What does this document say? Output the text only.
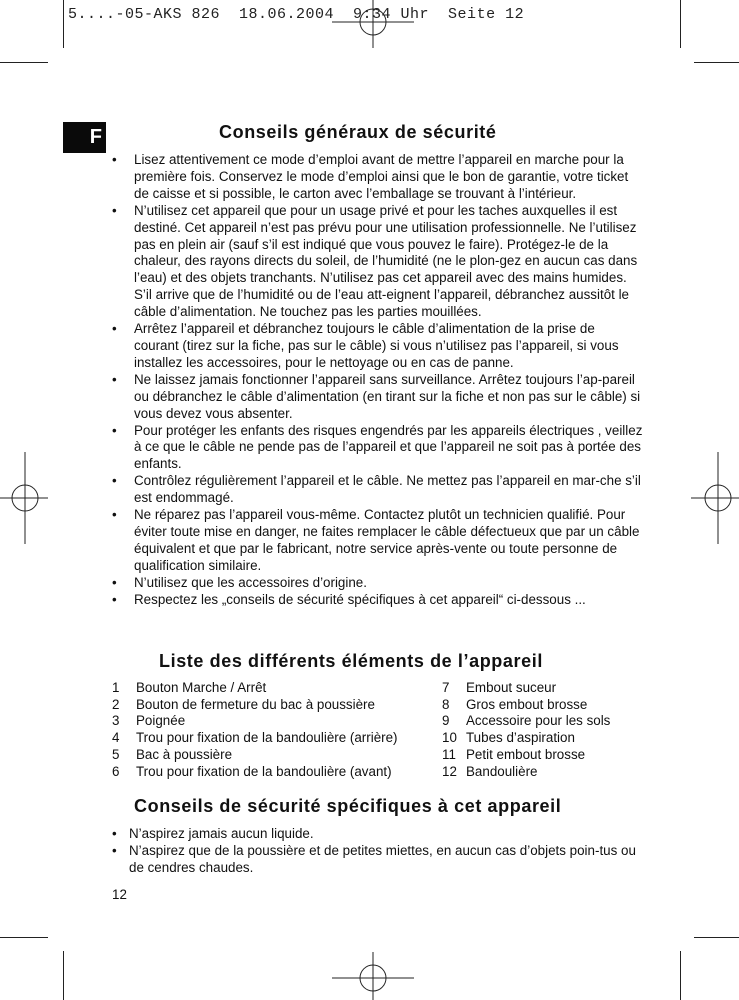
5....-05-AKS 826  18.06.2004  9:34 Uhr  Seite 12
F	Conseils généraux de sécurité
• Lisez attentivement ce mode d’emploi avant de mettre l’appareil en marche pour la première fois. Conservez le mode d’emploi ainsi que le bon de garantie, votre ticket de caisse et si possible, le carton avec l’emballage se trouvant à l’intérieur.
• N’utilisez cet appareil que pour un usage privé et pour les taches auxquelles il est destiné. Cet appareil n’est pas prévu pour une utilisation professionnelle. Ne l’utilisez pas en plein air (sauf s’il est indiqué que vous pouvez le faire). Protégez-le de la chaleur, des rayons directs du soleil, de l’humidité (ne le plon-gez en aucun cas dans l’eau) et des objets tranchants. N’utilisez pas cet appareil avec des mains humides. S’il arrive que de l’humidité ou de l’eau att-eignent l’appareil, débranchez aussitôt le câble d’alimentation. Ne touchez pas les parties mouillées.
• Arrêtez l’appareil et débranchez toujours le câble d’alimentation de la prise de courant (tirez sur la fiche, pas sur le câble) si vous n’utilisez pas l’appareil, si vous installez les accessoires, pour le nettoyage ou en cas de panne.
• Ne laissez jamais fonctionner l’appareil sans surveillance. Arrêtez toujours l’ap-pareil ou débranchez le câble d’alimentation (en tirant sur la fiche et non pas sur le câble) si vous devez vous absenter.
• Pour protéger les enfants des risques engendrés par les appareils électriques , veillez à ce que le câble ne pende pas de l’appareil et que l’appareil ne soit pas à portée des enfants.
• Contrôlez régulièrement l’appareil et le câble. Ne mettez pas l’appareil en mar-che s’il est endommagé.
• Ne réparez pas l’appareil vous-même. Contactez plutôt un technicien qualifié. Pour éviter toute mise en danger, ne faites remplacer le câble défectueux que par un câble équivalent et que par le fabricant, notre service après-vente ou toute personne de qualification similaire.
• N’utilisez que les accessoires d’origine.
• Respectez les „conseils de sécurité spécifiques à cet appareil“ ci-dessous ...
Liste des différents éléments de l’appareil
1	Bouton Marche / Arrêt
2	Bouton de fermeture du bac à poussière
3	Poignée
4	Trou pour fixation de la bandoulière (arrière)
5	Bac à poussière
6	Trou pour fixation de la bandoulière (avant)
7	Embout suceur
8	Gros embout brosse
9	Accessoire pour les sols
10 Tubes d’aspiration
11 Petit embout brosse
12 Bandoulière
Conseils de sécurité spécifiques à cet appareil
• N’aspirez jamais aucun liquide.
• N’aspirez que de la poussière et de petites miettes, en aucun cas d’objets poin-tus ou de cendres chaudes.
12
